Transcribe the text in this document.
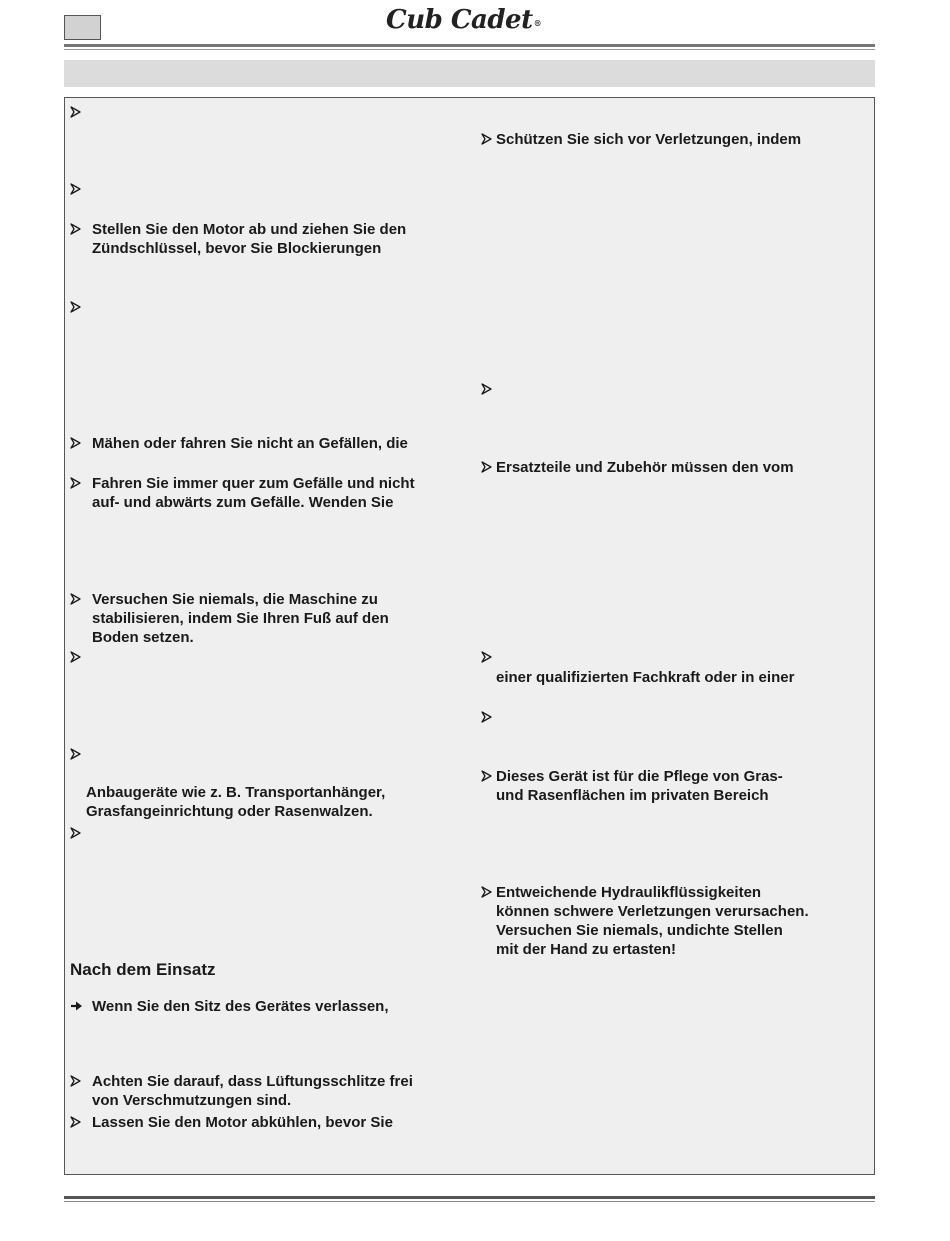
Cub Cadet®
Stellen Sie den Motor ab und ziehen Sie den
Zündschlüssel, bevor Sie Blockierungen
Mähen oder fahren Sie nicht an Gefällen, die
Fahren Sie immer quer zum Gefälle und nicht
auf- und abwärts zum Gefälle. Wenden Sie
Versuchen Sie niemals, die Maschine zu
stabilisieren, indem Sie Ihren Fuß auf den
Boden setzen.
Anbaugeräte wie z. B. Transportanhänger,
Grasfangeinrichtung oder Rasenwalzen.
Nach dem Einsatz
Wenn Sie den Sitz des Gerätes verlassen,
Achten Sie darauf, dass Lüftungsschlitze frei
von Verschmutzungen sind.
Lassen Sie den Motor abkühlen, bevor Sie
Schützen Sie sich vor Verletzungen, indem
Ersatzteile und Zubehör müssen den vom
einer qualifizierten Fachkraft oder in einer
Dieses Gerät ist für die Pflege von Gras-
und Rasenflächen im privaten Bereich
Entweichende Hydraulikflüssigkeiten
können schwere Verletzungen verursachen.
Versuchen Sie niemals, undichte Stellen
mit der Hand zu ertasten!
